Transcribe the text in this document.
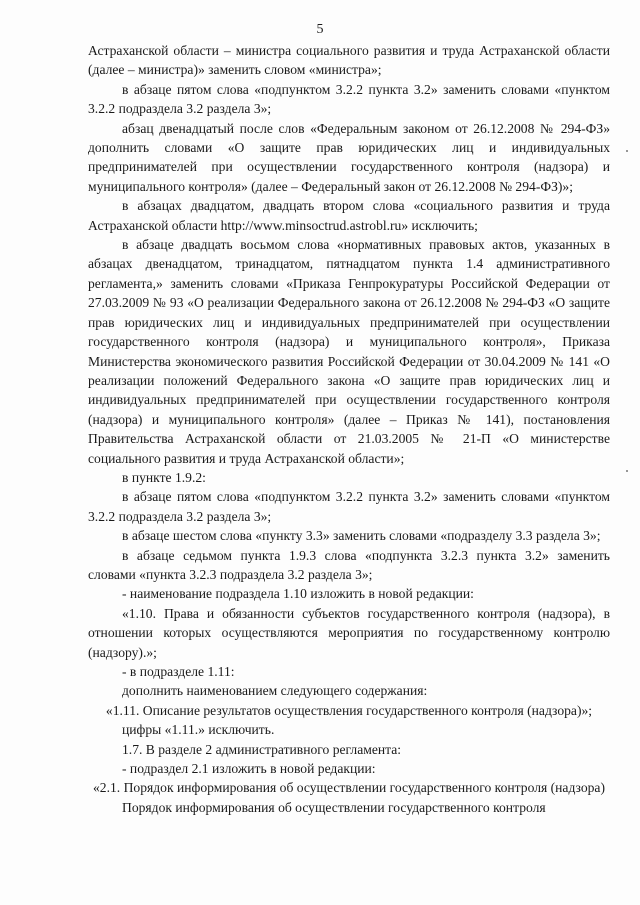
5

Астраханской области – министра социального развития и труда Астраханской области (далее – министра)» заменить словом «министра»;

в абзаце пятом слова «подпунктом 3.2.2 пункта 3.2» заменить словами «пунктом 3.2.2 подраздела 3.2 раздела 3»;

абзац двенадцатый после слов «Федеральным законом от 26.12.2008 № 294-ФЗ» дополнить словами «О защите прав юридических лиц и индивидуальных предпринимателей при осуществлении государственного контроля (надзора) и муниципального контроля» (далее – Федеральный закон от 26.12.2008 № 294-ФЗ)»;

в абзацах двадцатом, двадцать втором слова «социального развития и труда Астраханской области http://www.minsoctrud.astrobl.ru» исключить;

в абзаце двадцать восьмом слова «нормативных правовых актов, указанных в абзацах двенадцатом, тринадцатом, пятнадцатом пункта 1.4 административного регламента,» заменить словами «Приказа Генпрокуратуры Российской Федерации от 27.03.2009 № 93 «О реализации Федерального закона от 26.12.2008 № 294-ФЗ «О защите прав юридических лиц и индивидуальных предпринимателей при осуществлении государственного контроля (надзора) и муниципального контроля», Приказа Министерства экономического развития Российской Федерации от 30.04.2009 № 141 «О реализации положений Федерального закона «О защите прав юридических лиц и индивидуальных предпринимателей при осуществлении государственного контроля (надзора) и муниципального контроля» (далее – Приказ № 141), постановления Правительства Астраханской области от 21.03.2005 № 21-П «О министерстве социального развития и труда Астраханской области»;

в пункте 1.9.2:

в абзаце пятом слова «подпунктом 3.2.2 пункта 3.2» заменить словами «пунктом 3.2.2 подраздела 3.2 раздела 3»;

в абзаце шестом слова «пункту 3.3» заменить словами «подразделу 3.3 раздела 3»;

в абзаце седьмом пункта 1.9.3 слова «подпункта 3.2.3 пункта 3.2» заменить словами «пункта 3.2.3 подраздела 3.2 раздела 3»;

- наименование подраздела 1.10 изложить в новой редакции:

«1.10. Права и обязанности субъектов государственного контроля (надзора), в отношении которых осуществляются мероприятия по государственному контролю (надзору).»;

- в подразделе 1.11:

дополнить наименованием следующего содержания:

«1.11. Описание результатов осуществления государственного контроля (надзора)»;

цифры «1.11.» исключить.

1.7. В разделе 2 административного регламента:

- подраздел 2.1 изложить в новой редакции:

«2.1. Порядок информирования об осуществлении государственного контроля (надзора)

Порядок информирования об осуществлении государственного контроля
